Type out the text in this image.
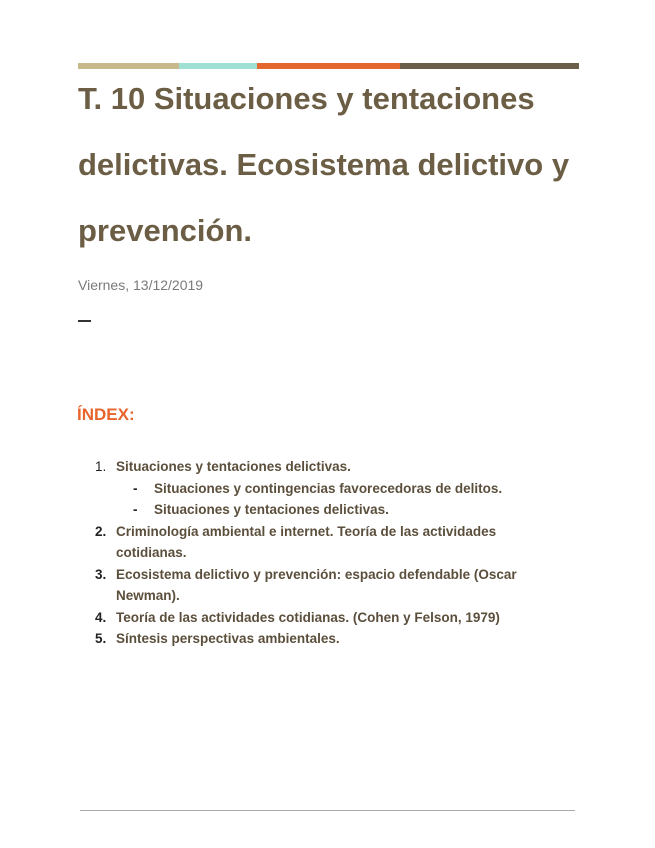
T. 10 Situaciones y tentaciones delictivas. Ecosistema delictivo y prevención.
Viernes, 13/12/2019
ÍNDEX:
1. Situaciones y tentaciones delictivas.
- Situaciones y contingencias favorecedoras de delitos.
- Situaciones y tentaciones delictivas.
2. Criminología ambiental e internet. Teoría de las actividades cotidianas.
3. Ecosistema delictivo y prevención: espacio defendable (Oscar Newman).
4. Teoría de las actividades cotidianas. (Cohen y Felson, 1979)
5. Síntesis perspectivas ambientales.
